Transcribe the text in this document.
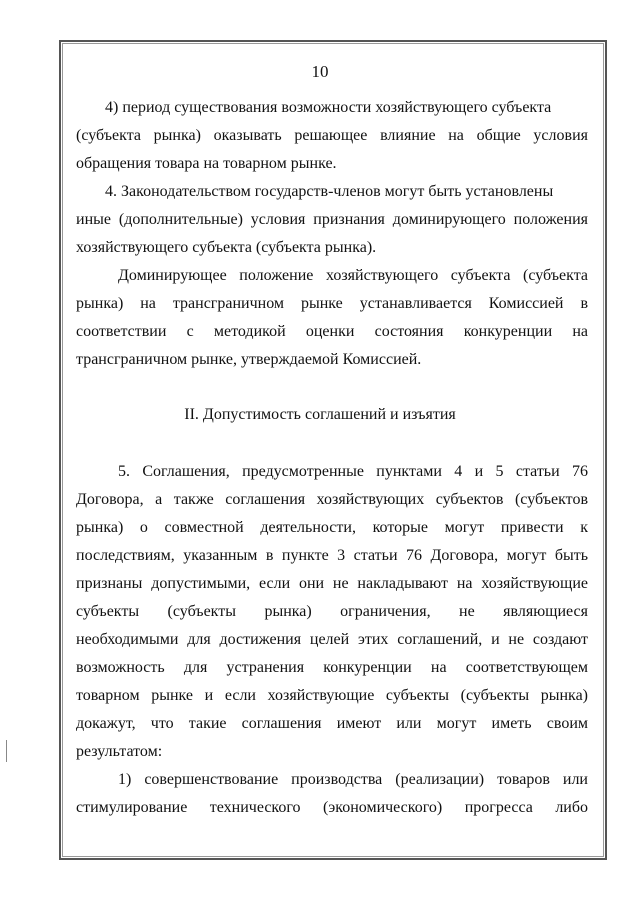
10
4) период существования возможности хозяйствующего субъекта
(субъекта рынка) оказывать решающее влияние на общие условия
обращения товара на товарном рынке.
4. Законодательством государств-членов могут быть установлены
иные (дополнительные) условия признания доминирующего положения
хозяйствующего субъекта (субъекта рынка).
Доминирующее положение хозяйствующего субъекта (субъекта
рынка) на трансграничном рынке устанавливается Комиссией в
соответствии с методикой оценки состояния конкуренции на
трансграничном рынке, утверждаемой Комиссией.
II. Допустимость соглашений и изъятия
5. Соглашения, предусмотренные пунктами 4 и 5 статьи 76
Договора, а также соглашения хозяйствующих субъектов (субъектов
рынка) о совместной деятельности, которые могут привести к
последствиям, указанным в пункте 3 статьи 76 Договора, могут быть
признаны допустимыми, если они не накладывают на хозяйствующие
субъекты (субъекты рынка) ограничения, не являющиеся
необходимыми для достижения целей этих соглашений, и не создают
возможность для устранения конкуренции на соответствующем
товарном рынке и если хозяйствующие субъекты (субъекты рынка)
докажут, что такие соглашения имеют или могут иметь своим
результатом:
1) совершенствование производства (реализации) товаров или
стимулирование технического (экономического) прогресса либо
